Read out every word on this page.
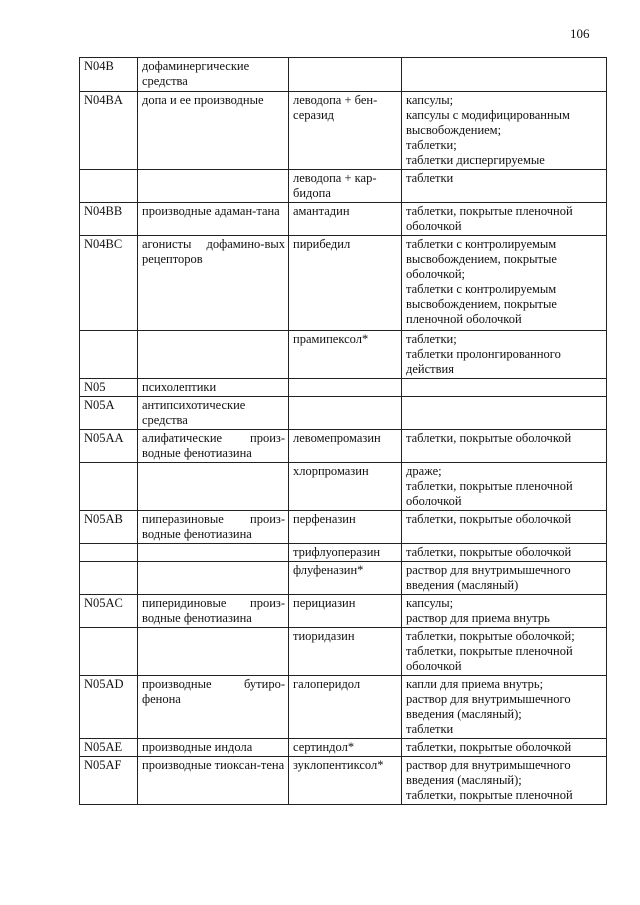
106
N04B	дофаминергические средства		
N04BA	допа и ее производные	леводопа + бен-серазид	капсулы;
капсулы с модифицированным высвобождением;
таблетки;
таблетки диспергируемые

		леводопа + кар-бидопа	таблетки

N04BB	производные адаман-тана	амантадин	таблетки, покрытые пленочной оболочкой

N04BC	агонисты дофамино-вых рецепторов	пирибедил	таблетки с контролируемым высвобождением, покрытые оболочкой;
таблетки с контролируемым высвобождением, покрытые пленочной оболочкой

		прамипексол*	таблетки;
таблетки пролонгированного действия

N05	психолептики		
N05A	антипсихотические средства		
N05AA	алифатические произ-водные фенотиазина	левомепромазин	таблетки, покрытые оболочкой

		хлорпромазин	драже;
таблетки, покрытые пленочной оболочкой

N05AB	пиперазиновые произ-водные фенотиазина	перфеназин	таблетки, покрытые оболочкой

		трифлуоперазин	таблетки, покрытые оболочкой

		флуфеназин*	раствор для внутримышечного введения (масляный)

N05AC	пиперидиновые произ-водные фенотиазина	перициазин	капсулы;
раствор для приема внутрь

		тиоридазин	таблетки, покрытые оболочкой;
таблетки, покрытые пленочной оболочкой

N05AD	производные бутиро-фенона	галоперидол	капли для приема внутрь;
раствор для внутримышечного введения (масляный);
таблетки

N05AE	производные индола	сертиндол*	таблетки, покрытые оболочкой

N05AF	производные тиоксан-тена	зуклопентиксол*	раствор для внутримышечного введения (масляный);
таблетки, покрытые пленочной
